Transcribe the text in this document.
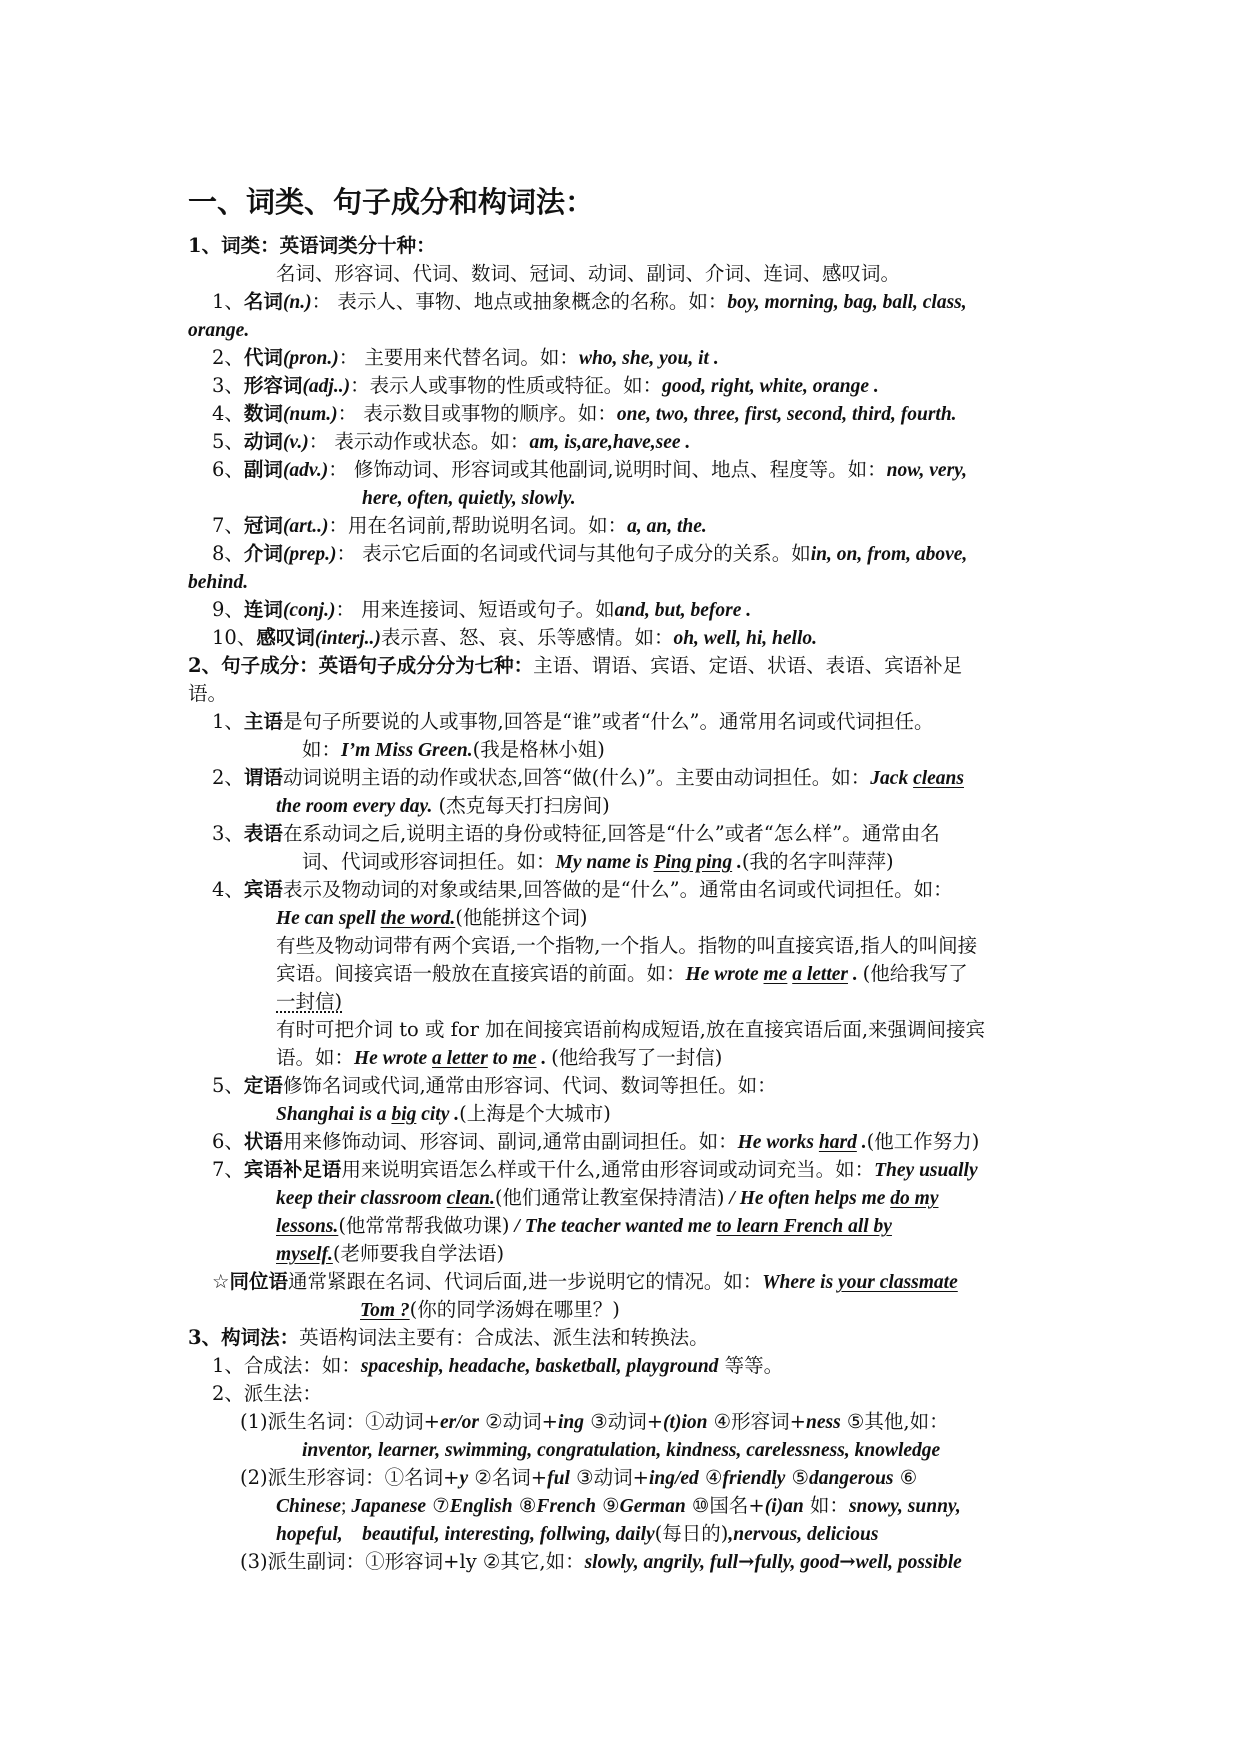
一、词类、句子成分和构词法：
1、词类：英语词类分十种：
名词、形容词、代词、数词、冠词、动词、副词、介词、连词、感叹词。
1、名词(n.)： 表示人、事物、地点或抽象概念的名称。如：boy, morning, bag, ball, class,
orange.
2、代词(pron.)： 主要用来代替名词。如：who, she, you, it .
3、形容词(adj..)：表示人或事物的性质或特征。如：good, right, white, orange .
4、数词(num.)： 表示数目或事物的顺序。如：one, two, three, first, second, third, fourth.
5、动词(v.)： 表示动作或状态。如：am, is,are,have,see .
6、副词(adv.)： 修饰动词、形容词或其他副词,说明时间、地点、程度等。如：now, very,
here, often, quietly, slowly.
7、冠词(art..)：用在名词前,帮助说明名词。如：a, an, the.
8、介词(prep.)： 表示它后面的名词或代词与其他句子成分的关系。如in, on, from, above,
behind.
9、连词(conj.)： 用来连接词、短语或句子。如and, but, before .
10、感叹词(interj..)表示喜、怒、哀、乐等感情。如：oh, well, hi, hello.
2、句子成分：英语句子成分分为七种：主语、谓语、宾语、定语、状语、表语、宾语补足
语。
1、主语是句子所要说的人或事物,回答是“谁”或者“什么”。通常用名词或代词担任。
如：I’m Miss Green.(我是格林小姐)
2、谓语动词说明主语的动作或状态,回答“做(什么)”。主要由动词担任。如：Jack cleans
the room every day. (杰克每天打扫房间)
3、表语在系动词之后,说明主语的身份或特征,回答是“什么”或者“怎么样”。通常由名
词、代词或形容词担任。如：My name is Ping ping .(我的名字叫萍萍)
4、宾语表示及物动词的对象或结果,回答做的是“什么”。通常由名词或代词担任。如：
He can spell the word.(他能拼这个词)
有些及物动词带有两个宾语,一个指物,一个指人。指物的叫直接宾语,指人的叫间接
宾语。间接宾语一般放在直接宾语的前面。如：He wrote me a letter . (他给我写了
一封信)
有时可把介词 to 或 for 加在间接宾语前构成短语,放在直接宾语后面,来强调间接宾
语。如：He wrote a letter to me . (他给我写了一封信)
5、定语修饰名词或代词,通常由形容词、代词、数词等担任。如：
Shanghai is a big city .(上海是个大城市)
6、状语用来修饰动词、形容词、副词,通常由副词担任。如：He works hard .(他工作努力)
7、宾语补足语用来说明宾语怎么样或干什么,通常由形容词或动词充当。如：They usually
keep their classroom clean.(他们通常让教室保持清洁) / He often helps me do my
lessons.(他常常帮我做功课) / The teacher wanted me to learn French all by
myself.(老师要我自学法语)
☆同位语通常紧跟在名词、代词后面,进一步说明它的情况。如：Where is your classmate
Tom ?(你的同学汤姆在哪里？)
3、构词法：英语构词法主要有：合成法、派生法和转换法。
1、合成法：如：spaceship, headache, basketball, playground 等等。
2、派生法：
(1)派生名词：①动词+er/or ②动词+ing ③动词+(t)ion ④形容词+ness ⑤其他,如：
inventor, learner, swimming, congratulation, kindness, carelessness, knowledge
(2)派生形容词：①名词+y ②名词+ful ③动词+ing/ed ④friendly ⑤dangerous ⑥
Chinese; Japanese ⑦English ⑧French ⑨German ⑩国名+(i)an 如：snowy, sunny,
hopeful,    beautiful, interesting, follwing, daily(每日的),nervous, delicious
(3)派生副词：①形容词+ly ②其它,如：slowly, angrily, full→fully, good→well, possible
